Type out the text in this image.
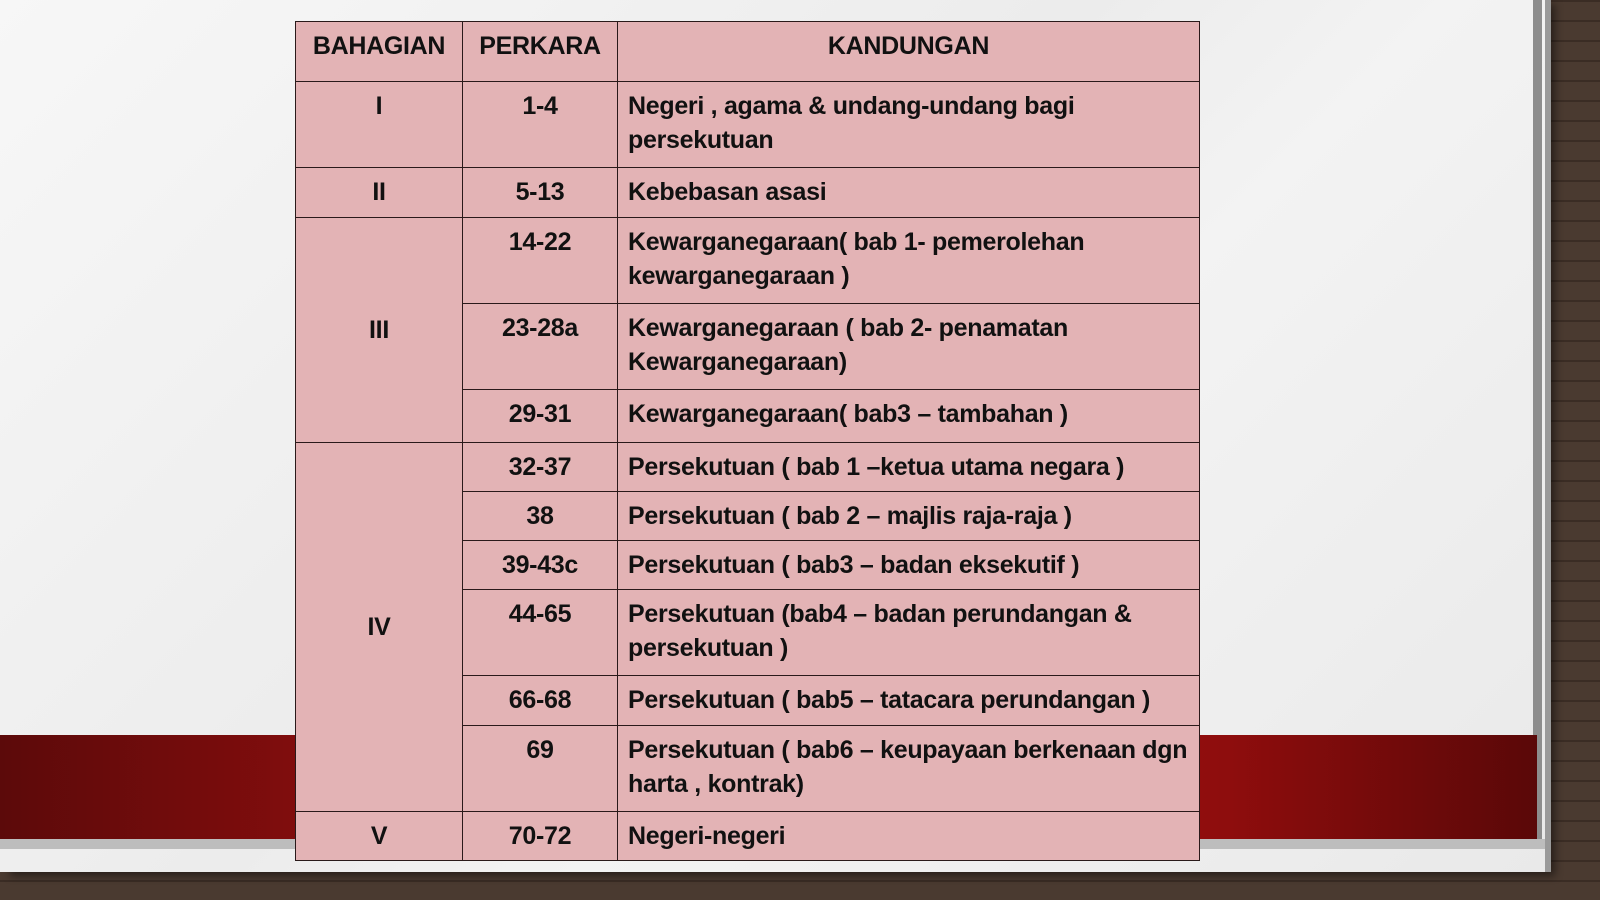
BAHAGIAN	PERKARA	KANDUNGAN
I	1-4	Negeri , agama & undang-undang bagi persekutuan
II	5-13	Kebebasan asasi
III	14-22	Kewarganegaraan( bab 1- pemerolehan kewarganegaraan )
	23-28a	Kewarganegaraan ( bab 2- penamatan Kewarganegaraan)
	29-31	Kewarganegaraan( bab3 – tambahan )
IV	32-37	Persekutuan ( bab 1 –ketua utama negara )
	38	Persekutuan ( bab 2 – majlis raja-raja )
	39-43c	Persekutuan ( bab3 – badan eksekutif )
	44-65	Persekutuan (bab4 – badan perundangan & persekutuan )
	66-68	Persekutuan ( bab5 – tatacara perundangan )
	69	Persekutuan ( bab6 – keupayaan berkenaan dgn harta , kontrak)
V	70-72	Negeri-negeri
